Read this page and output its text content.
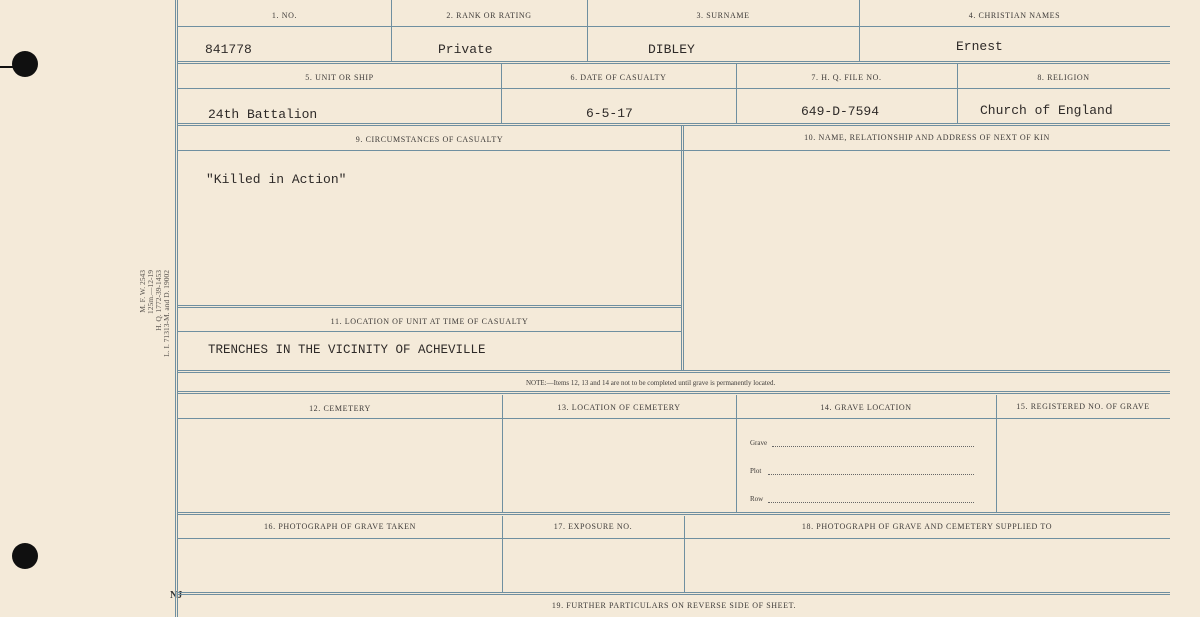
M. F. W. 2543 125m.—12-19 H. Q. 1772-39-1453 L. I. 71313-M. and D. 19002
NJ
1. NO.	2. RANK OR RATING	3. SURNAME	4. CHRISTIAN NAMES
841778	Private	DIBLEY	Ernest
5. UNIT OR SHIP	6. DATE OF CASUALTY	7. H. Q. FILE NO.	8. RELIGION
24th Battalion	6-5-17	649-D-7594	Church of England
9. CIRCUMSTANCES OF CASUALTY	10. NAME, RELATIONSHIP AND ADDRESS OF NEXT OF KIN
"Killed in Action"
11. LOCATION OF UNIT AT TIME OF CASUALTY
TRENCHES IN THE VICINITY OF ACHEVILLE
NOTE:—Items 12, 13 and 14 are not to be completed until grave is permanently located.
12. CEMETERY	13. LOCATION OF CEMETERY	14. GRAVE LOCATION	15. REGISTERED NO. OF GRAVE
Grave
Plot
Row
16. PHOTOGRAPH OF GRAVE TAKEN	17. EXPOSURE NO.	18. PHOTOGRAPH OF GRAVE AND CEMETERY SUPPLIED TO
19. FURTHER PARTICULARS ON REVERSE SIDE OF SHEET.
